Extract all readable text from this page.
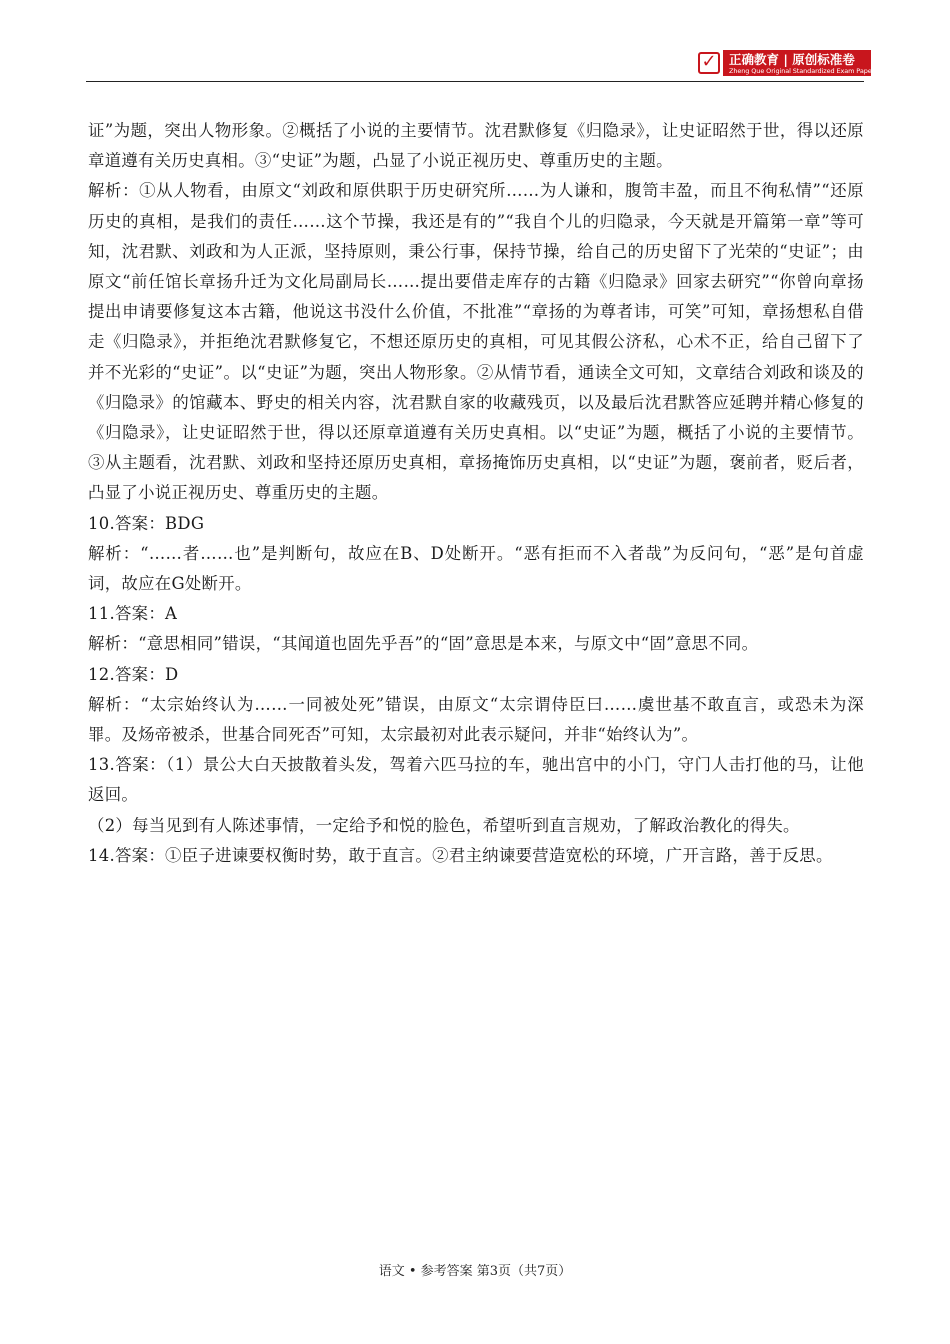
✓ 正确教育 | 原创标准卷
Zheng Que Original Standardized Exam Paper

证”为题，突出人物形象。②概括了小说的主要情节。沈君默修复《归隐录》，让史证昭然于世，得以还原章道遵有关历史真相。③“史证”为题，凸显了小说正视历史、尊重历史的主题。

解析：①从人物看，由原文“刘政和原供职于历史研究所……为人谦和，腹笥丰盈，而且不徇私情”“还原历史的真相，是我们的责任……这个节操，我还是有的”“我自个儿的归隐录，今天就是开篇第一章”等可知，沈君默、刘政和为人正派，坚持原则，秉公行事，保持节操，给自己的历史留下了光荣的“史证”；由原文“前任馆长章扬升迁为文化局副局长……提出要借走库存的古籍《归隐录》回家去研究”“你曾向章扬提出申请要修复这本古籍，他说这书没什么价值，不批准”“章扬的为尊者讳，可笑”可知，章扬想私自借走《归隐录》，并拒绝沈君默修复它，不想还原历史的真相，可见其假公济私，心术不正，给自己留下了并不光彩的“史证”。以“史证”为题，突出人物形象。②从情节看，通读全文可知，文章结合刘政和谈及的《归隐录》的馆藏本、野史的相关内容，沈君默自家的收藏残页，以及最后沈君默答应延聘并精心修复的《归隐录》，让史证昭然于世，得以还原章道遵有关历史真相。以“史证”为题，概括了小说的主要情节。③从主题看，沈君默、刘政和坚持还原历史真相，章扬掩饰历史真相，以“史证”为题，褒前者，贬后者，凸显了小说正视历史、尊重历史的主题。

10.答案：BDG

解析：“……者……也”是判断句，故应在B、D处断开。“恶有拒而不入者哉”为反问句，“恶”是句首虚词，故应在G处断开。

11.答案：A

解析：“意思相同”错误，“其闻道也固先乎吾”的“固”意思是本来，与原文中“固”意思不同。

12.答案：D

解析：“太宗始终认为……一同被处死”错误，由原文“太宗谓侍臣曰……虞世基不敢直言，或恐未为深罪。及炀帝被杀，世基合同死否”可知，太宗最初对此表示疑问，并非“始终认为”。

13.答案：（1）景公大白天披散着头发，驾着六匹马拉的车，驰出宫中的小门，守门人击打他的马，让他返回。

（2）每当见到有人陈述事情，一定给予和悦的脸色，希望听到直言规劝，了解政治教化的得失。

14.答案：①臣子进谏要权衡时势，敢于直言。②君主纳谏要营造宽松的环境，广开言路，善于反思。

语文 • 参考答案 第3页（共7页）
